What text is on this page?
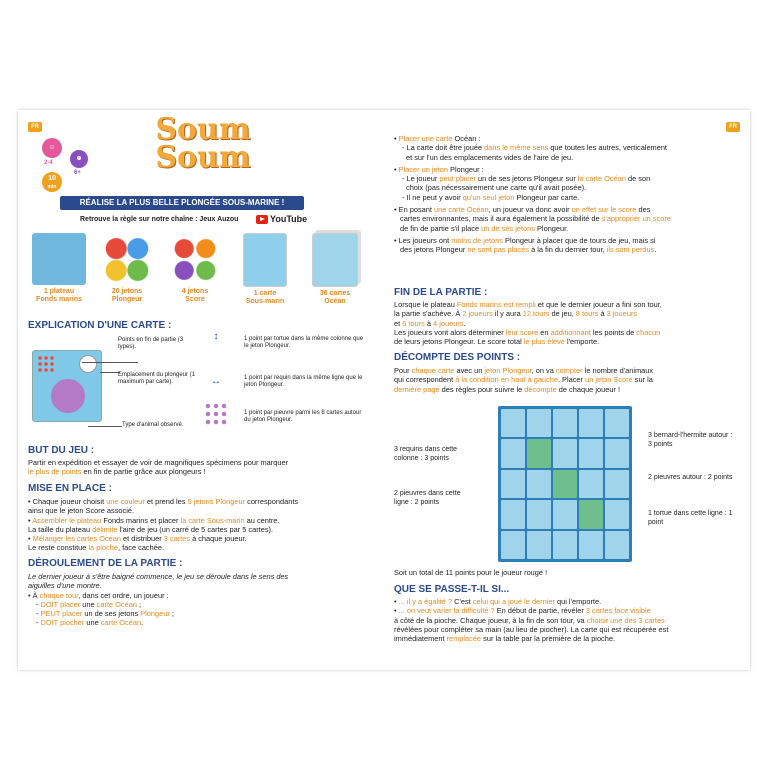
FR
☺
2-4
☻
6+
10
min
Soum
Soum
RÉALISE LA PLUS BELLE PLONGÉE SOUS-MARINE !
Retrouve la règle sur notre chaîne : Jeux Auzou	YouTube
1 plateau
Fonds marins
20 jetons
Plongeur
4 jetons
Score
1 carte
Sous-marin
36 cartes
Océan
EXPLICATION D'UNE CARTE :
Points en fin de partie (3 types).
Emplacement du plongeur (1 maximum par carte).
Type d'animal observé.
↕	1 point par tortue dans la même colonne que le jeton Plongeur.
↔	1 point par requin dans la même ligne que le jeton Plongeur.
1 point par pieuvre parmi les 8 cartes autour du jeton Plongeur.
BUT DU JEU :
Partir en expédition et essayer de voir de magnifiques spécimens pour marquer
le plus de points en fin de partie grâce aux plongeurs !
MISE EN PLACE :
• Chaque joueur choisit une couleur et prend les 5 jetons Plongeur correspondants
ainsi que le jeton Score associé.
• Assembler le plateau Fonds marins et placer la carte Sous-marin au centre.
La taille du plateau délimite l'aire de jeu (un carré de 5 cartes par 5 cartes).
• Mélanger les cartes Océan et distribuer 3 cartes à chaque joueur.
Le reste constitue la pioche, face cachée.
DÉROULEMENT DE LA PARTIE :
Le dernier joueur à s'être baigné commence, le jeu se déroule dans le sens des
aiguilles d'une montre.
• À chaque tour, dans cet ordre, un joueur :
- DOIT placer une carte Océan ;
- PEUT placer un de ses jetons Plongeur ;
- DOIT piocher une carte Océan.
FR
• Placer une carte Océan :
- La carte doit être jouée dans le même sens que toutes les autres, verticalement
et sur l'un des emplacements vides de l'aire de jeu.
• Placer un jeton Plongeur :
- Le joueur peut placer un de ses jetons Plongeur sur la carte Océan de son
choix (pas nécessairement une carte qu'il avait posée).
- Il ne peut y avoir qu'un seul jeton Plongeur par carte.
• En posant une carte Océan, un joueur va donc avoir un effet sur le score des
cartes environnantes, mais il aura également la possibilité de s'approprier un score
de fin de partie s'il place un de ses jetons Plongeur.
• Les joueurs ont moins de jetons Plongeur à placer que de tours de jeu, mais si
des jetons Plongeur ne sont pas placés à la fin du dernier tour, ils sont perdus.
FIN DE LA PARTIE :
Lorsque le plateau Fonds marins est rempli et que le dernier joueur a fini son tour,
la partie s'achève. À 2 joueurs il y aura 12 tours de jeu, 8 tours à 3 joueurs
et 6 tours à 4 joueurs.
Les joueurs vont alors déterminer leur score en additionnant les points de chacun
de leurs jetons Plongeur. Le score total le plus élevé l'emporte.
DÉCOMPTE DES POINTS :
Pour chaque carte avec un jeton Plongeur, on va compter le nombre d'animaux
qui correspondent à la condition en haut à gauche. Placer un jeton Score sur la
dernière page des règles pour suivre le décompte de chaque joueur !
3 requins dans cette colonne : 3 points
2 pieuvres dans cette ligne : 2 points
3 bernard-l'hermite autour : 3 points
2 pieuvres autour : 2 points
1 tortue dans cette ligne : 1 point
Soit un total de 11 points pour le joueur rouge !
QUE SE PASSE-T-IL SI...
• ... il y a égalité ? C'est celui qui a joué le dernier qui l'emporte.
• ... on veut varier la difficulté ? En début de partie, révéler 3 cartes face visible
à côté de la pioche. Chaque joueur, à la fin de son tour, va choisir une des 3 cartes
révélées pour compléter sa main (au lieu de piocher). La carte qui est récupérée est
immédiatement remplacée sur la table par la première de la pioche.
